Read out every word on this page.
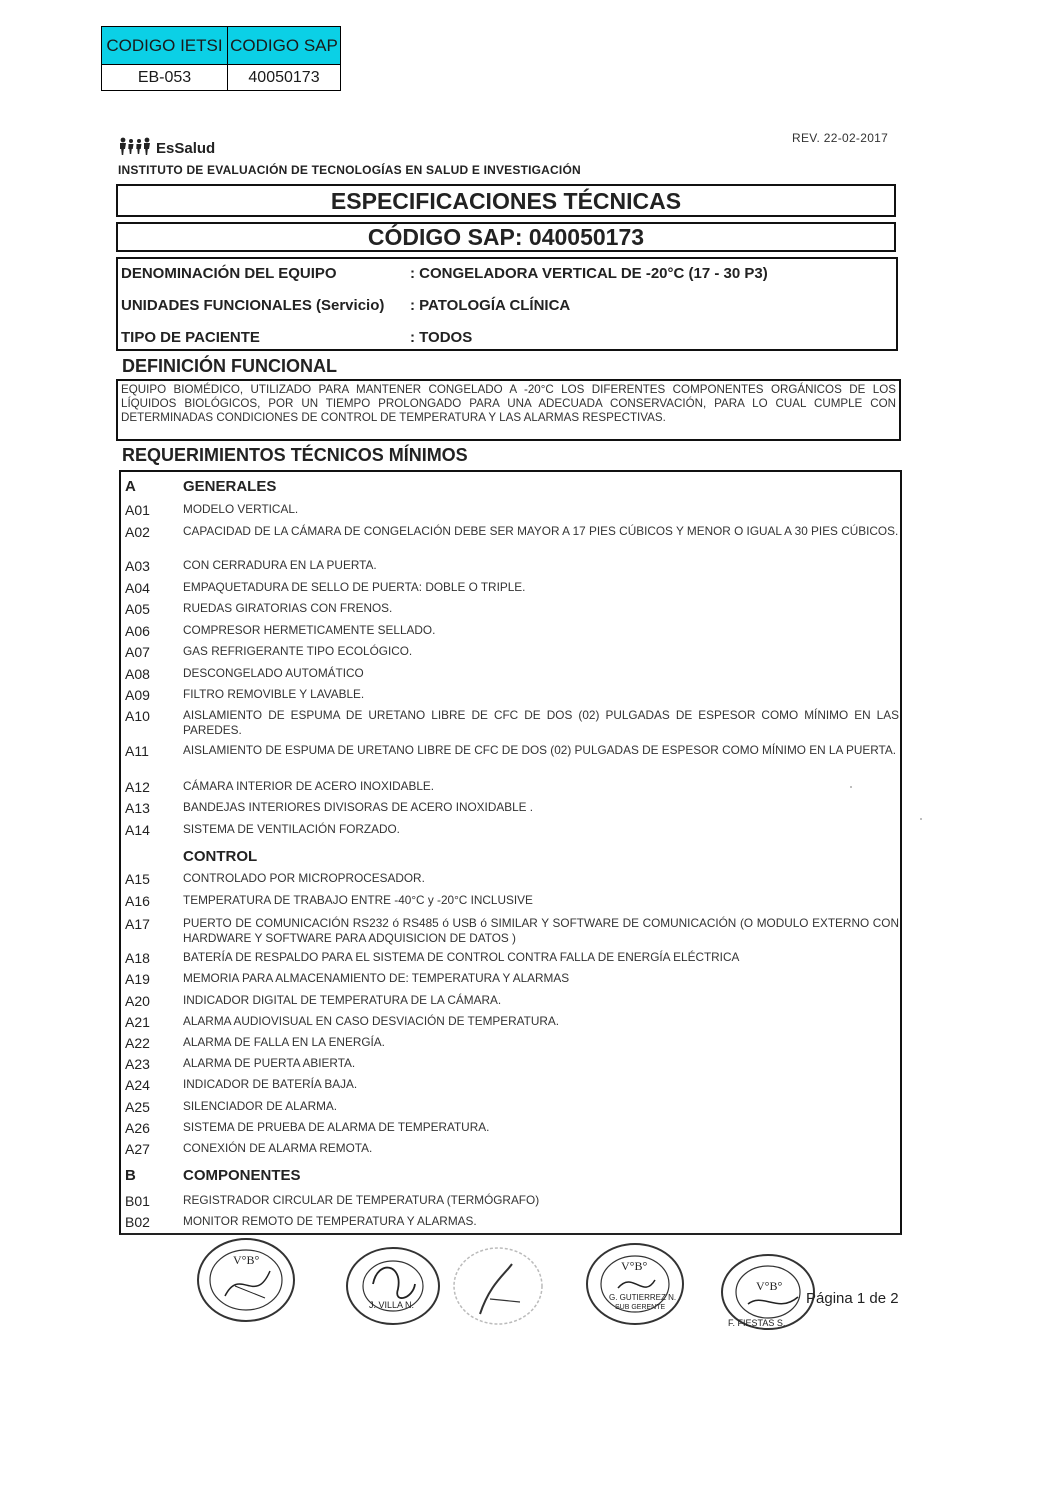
CODIGO IETSI	CODIGO SAP
EB-053	40050173
REV. 22-02-2017
EsSalud
INSTITUTO DE EVALUACIÓN DE TECNOLOGÍAS EN SALUD E INVESTIGACIÓN
ESPECIFICACIONES TÉCNICAS
CÓDIGO SAP: 040050173
DENOMINACIÓN DEL EQUIPO	: CONGELADORA VERTICAL DE -20°C (17 - 30 P3)
UNIDADES FUNCIONALES (Servicio) : PATOLOGÍA CLÍNICA
TIPO DE PACIENTE	: TODOS
DEFINICIÓN FUNCIONAL
EQUIPO BIOMÉDICO, UTILIZADO PARA MANTENER CONGELADO A -20°C LOS DIFERENTES COMPONENTES ORGÁNICOS DE LOS LÍQUIDOS BIOLÓGICOS, POR UN TIEMPO PROLONGADO PARA UNA ADECUADA CONSERVACIÓN, PARA LO CUAL CUMPLE CON DETERMINADAS CONDICIONES DE CONTROL DE TEMPERATURA Y LAS ALARMAS RESPECTIVAS.
REQUERIMIENTOS TÉCNICOS MÍNIMOS
A	GENERALES
A01	MODELO VERTICAL.
A02	CAPACIDAD DE LA CÁMARA DE CONGELACIÓN DEBE SER MAYOR A 17 PIES CÚBICOS Y MENOR O IGUAL A 30 PIES CÚBICOS.
A03	CON CERRADURA EN LA PUERTA.
A04	EMPAQUETADURA DE SELLO DE PUERTA: DOBLE O TRIPLE.
A05	RUEDAS GIRATORIAS CON FRENOS.
A06	COMPRESOR HERMETICAMENTE SELLADO.
A07	GAS REFRIGERANTE TIPO ECOLÓGICO.
A08	DESCONGELADO AUTOMÁTICO
A09	FILTRO REMOVIBLE Y LAVABLE.
A10	AISLAMIENTO DE ESPUMA DE URETANO LIBRE DE CFC DE DOS (02) PULGADAS DE ESPESOR COMO MÍNIMO EN LAS PAREDES.
A11	AISLAMIENTO DE ESPUMA DE URETANO LIBRE DE CFC DE DOS (02) PULGADAS DE ESPESOR COMO MÍNIMO EN LA PUERTA.
A12	CÁMARA INTERIOR DE ACERO INOXIDABLE.
A13	BANDEJAS INTERIORES DIVISORAS DE ACERO INOXIDABLE .
A14	SISTEMA DE VENTILACIÓN FORZADO.
CONTROL
A15	CONTROLADO POR MICROPROCESADOR.
A16	TEMPERATURA DE TRABAJO ENTRE -40°C y -20°C INCLUSIVE
A17	PUERTO DE COMUNICACIÓN RS232 ó RS485 ó USB ó SIMILAR Y SOFTWARE DE COMUNICACIÓN (O MODULO EXTERNO CON HARDWARE Y SOFTWARE PARA ADQUISICION DE DATOS )
A18	BATERÍA DE RESPALDO PARA EL SISTEMA DE CONTROL CONTRA FALLA DE ENERGÍA ELÉCTRICA
A19	MEMORIA PARA ALMACENAMIENTO DE: TEMPERATURA Y ALARMAS
A20	INDICADOR DIGITAL DE TEMPERATURA DE LA CÁMARA.
A21	ALARMA AUDIOVISUAL EN CASO DESVIACIÓN DE TEMPERATURA.
A22	ALARMA DE FALLA EN LA ENERGÍA.
A23	ALARMA DE PUERTA ABIERTA.
A24	INDICADOR DE BATERÍA BAJA.
A25	SILENCIADOR DE ALARMA.
A26	SISTEMA DE PRUEBA DE ALARMA DE TEMPERATURA.
A27	CONEXIÓN DE ALARMA REMOTA.
B	COMPONENTES
B01	REGISTRADOR CIRCULAR DE TEMPERATURA (TERMÓGRAFO)
B02	MONITOR REMOTO DE TEMPERATURA Y ALARMAS.
V°B°
J. VILLA N.
V°B°
G. GUTIERREZ N.
SUB GERENTE
V°B°
F. FIESTAS S.
Página 1 de 2
